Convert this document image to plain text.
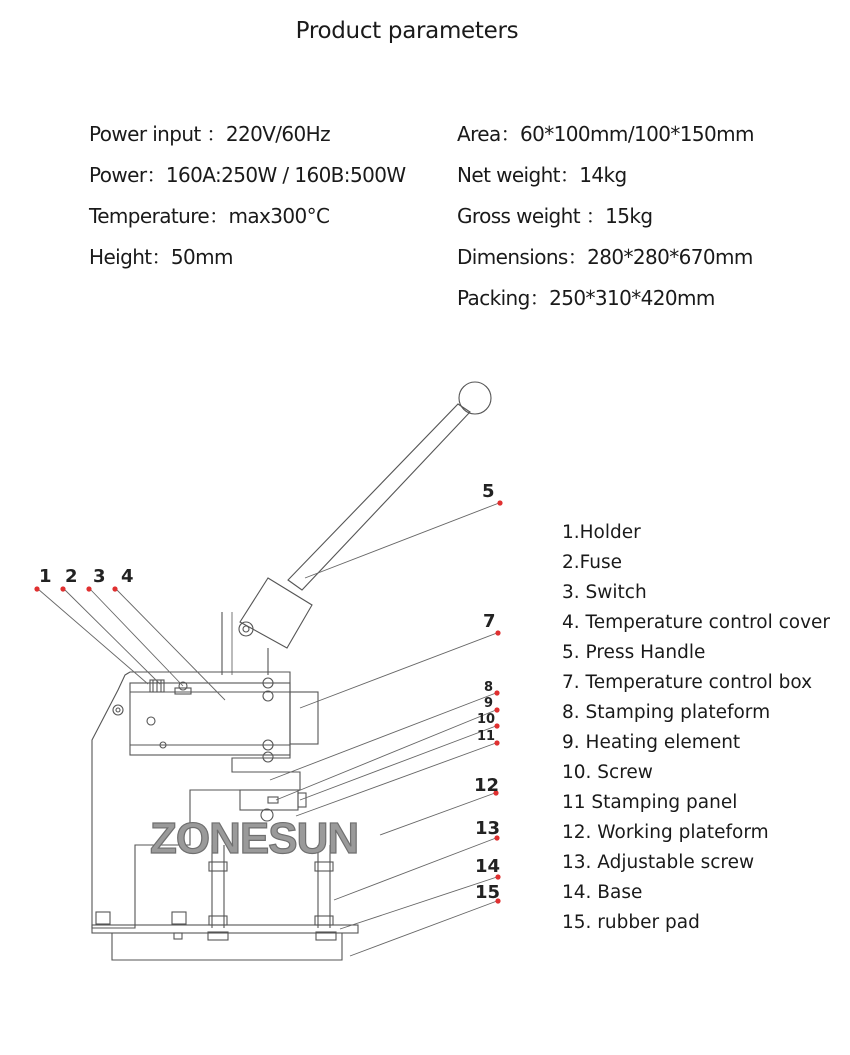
Product parameters
Power input ：220V/60Hz
Power：160A:250W / 160B:500W
Temperature：max300°C
Height：50mm
Area：60*100mm/100*150mm
Net weight：14kg
Gross weight ：15kg
Dimensions：280*280*670mm
Packing：250*310*420mm
1 2 3 4
5
7
8
9
10
11
12
13
14
15
ZONESUN
1.Holder
2.Fuse
3. Switch
4. Temperature control cover
5. Press Handle
7. Temperature control box
8. Stamping plateform
9. Heating element
10. Screw
11 Stamping panel
12. Working plateform
13. Adjustable screw
14. Base
15. rubber pad
